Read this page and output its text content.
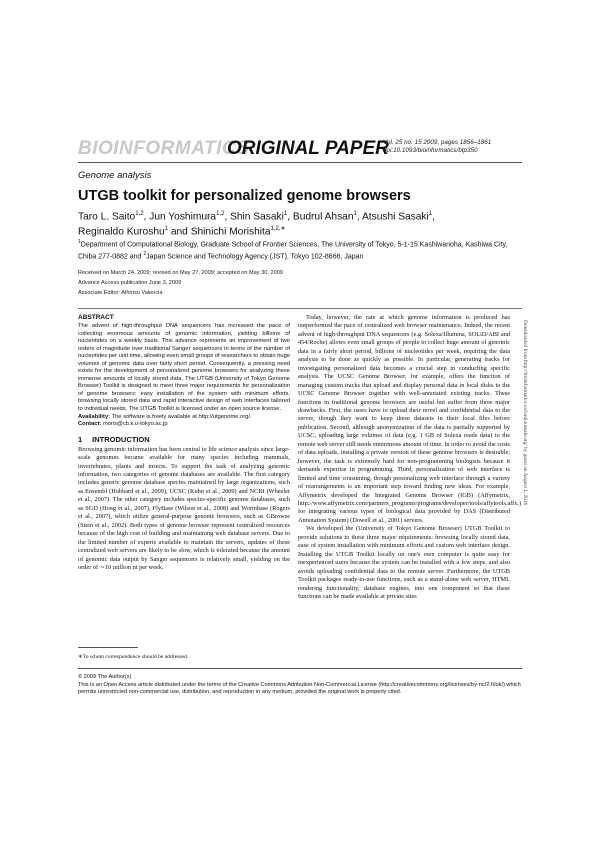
BIOINFORMATICS
ORIGINAL PAPER
Vol. 25 no. 15 2009, pages 1856–1861
doi:10.1093/bioinformatics/btp350
Genome analysis
UTGB toolkit for personalized genome browsers
Taro L. Saito$^{1,2}$, Jun Yoshimura$^{1,2}$, Shin Sasaki$^1$, Budrul Ahsan$^1$, Atsushi Sasaki$^1$,
Reginaldo Kuroshu$^1$ and Shinichi Morishita$^{1,2,∗}$
$^1$Department of Computational Biology, Graduate School of Frontier Sciences, The University of Tokyo, 5-1-15 Kashiwanoha, Kashiwa City, Chiba 277-0882 and $^2$Japan Science and Technology Agency (JST), Tokyo 102-8666, Japan
Received on March 24, 2009; revised on May 27, 2009; accepted on May 30, 2009
Advance Access publication June 3, 2009
Associate Editor: Alfonso Valencia
ABSTRACT

The advent of high-throughput DNA sequencers has increased the pace of collecting enormous amounts of genomic information, yielding billions of nucleotides on a weekly basis. This advance represents an improvement of two orders of magnitude over traditional Sanger sequencers in terms of the number of nucleotides per unit time, allowing even small groups of researchers to obtain huge volumes of genomic data over fairly short period. Consequently, a pressing need exists for the development of personalized genome browsers for analyzing these immense amounts of locally stored data. The UTGB (University of Tokyo Genome Browser) Toolkit is designed to meet three major requirements for personalization of genome browsers: easy installation of the system with minimum efforts, browsing locally stored data and rapid interactive design of web interfaces tailored to individual needs. The UTGB Toolkit is licensed under an open source license.

Availability: The software is freely available at http://utgenome.org/.
Contact: moris@cb.k.u-tokyo.ac.jp
1 INTRODUCTION

Browsing genomic information has been central to life science analysis since large-scale genomes became available for many species including mammals, invertebrates, plants and insects. To support the task of analyzing genomic information, two categories of genome databases are available. The first category includes generic genome database species maintained by large organizations, such as Ensembl (Hubbard et al., 2009), UCSC (Kuhn et al., 2009) and NCBI (Wheeler et al., 2007). The other category includes species-specific genome databases, such as SGD (Hong et al., 2007), FlyBase (Wilson et al., 2008) and Wormbase (Rogers et al., 2007), which utilize general-purpose genome browsers, such as GBrowse (Stein et al., 2002). Both types of genome browser represent centralized resources because of the high cost of building and maintaining web database servers. Due to the limited number of experts available to maintain the servers, updates of these centralized web servers are likely to be slow, which is tolerated because the amount of genomic data output by Sanger sequencers is relatively small, yielding on the order of ∼10 million nt per week.

Today, however, the rate at which genome information is produced has outperformed the pace of centralized web browser maintenance. Indeed, the recent advent of high-throughput DNA sequencers (e.g. Solexa/Illumina, SOLiD/ABI and 454/Roche) allows even small groups of people to collect huge amount of genomic data in a fairly short period, billions of nucleotides per week, requiring the data analysis to be done as quickly as possible. In particular, generating tracks for investigating personalized data becomes a crucial step in conducting specific analysis. The UCSC Genome Browser, for example, offers the function of managing custom tracks that upload and display personal data in local disks to the UCSC Genome Browser together with well-annotated existing tracks. These functions in traditional genome browsers are useful but suffer from three major drawbacks. First, the users have to upload their novel and confidential data to the server, though they want to keep these datasets in their local files before publication. Second, although anonymization of the data is partially supported by UCSC, uploading large volumes of data (e.g. 1 GB of Solexa reads data) to the remote web server still needs enourmous amount of time. In order to avoid the costs of data uploads, installing a private version of these genome browsers is desirable; however, the task is extremely hard for non-programming biologists because it demands expertise in programming. Third, personalization of web interface is limited and time consuming, though personalizing web interface through a variety of rearrangements is an important step toward finding new ideas. For example, Affymetrix developed the Integrated Genome Browser (IGB) (Affymetrix, http://www.affymetrix.com/partners_programs/programs/developer/tools/affytools.affx.) for integrating various types of biological data provided by DAS (Distributed Annotation System) (Dowell et al., 2001) servers.

We developed the (University of Tokyo Genome Browser) UTGB Toolkit to provide solutions to these three major requirements: browsing locally stored data, ease of system installation with minimum efforts and custom web interface design. Installing the UTGB Toolkit locally on one's own computer is quite easy for inexperienced users because the system can be installed with a few steps, and also avoids uploading confidential data to the remote server. Furthermore, the UTGB Toolkit packages ready-to-use functions, such as a stand-alone web server, HTML rendering functionality, database engines, into one component so that these functions can be made available at private sites

∗To whom correspondence should be addressed.
© 2009 The Author(s)
This is an Open Access article distributed under the terms of the Creative Commons Attribution Non-Commercial License (http://creativecommons.org/licenses/by-nc/2.0/uk/) which permits unrestricted non-commercial use, distribution, and reproduction in any medium, provided the original work is properly cited.
Downloaded from http://bioinformatics.oxfordjournals.org/ by guest on August 1, 2016
